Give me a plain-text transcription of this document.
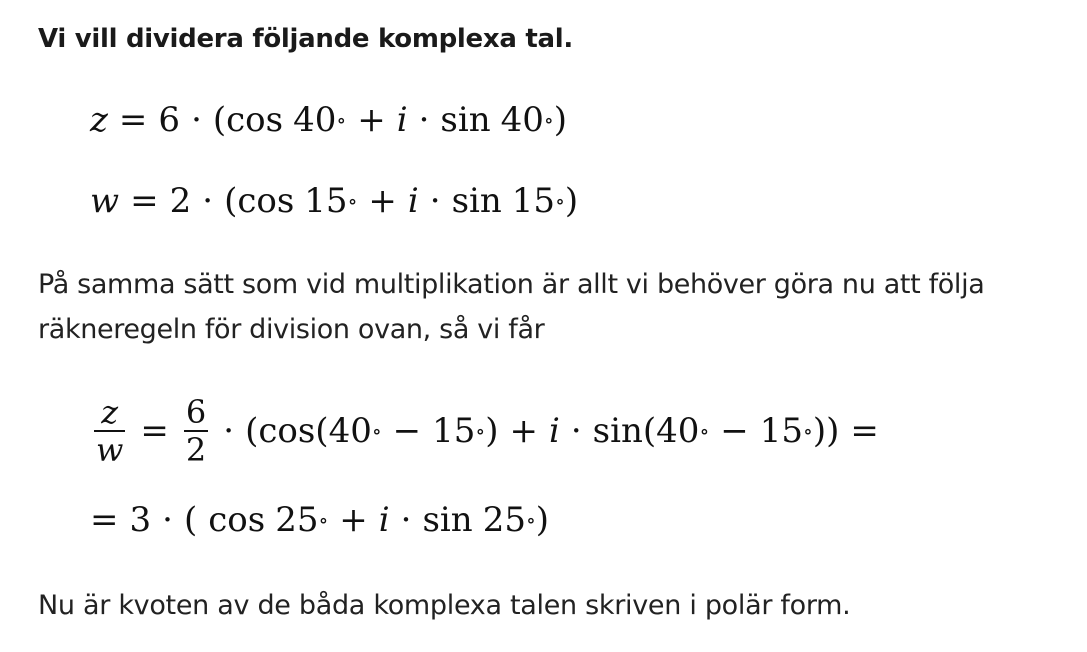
Vi vill dividera följande komplexa tal.
z = 6 · ( cos 40 ∘ + i · sin 40 ∘ )
w = 2 · ( cos 15 ∘ + i · sin 15 ∘ )
På samma sätt som vid multiplikation är allt vi behöver göra nu att följa räkneregeln för division ovan, så vi får
$\frac{z}{w} = \frac{6}{2}$ · ( cos ( 40 ∘ − 15 ∘ ) + i · sin ( 40 ∘ − 15 ∘ )) =
= 3 · ( cos 25 ∘ + i · sin 25 ∘ )
Nu är kvoten av de båda komplexa talen skriven i polär form.
